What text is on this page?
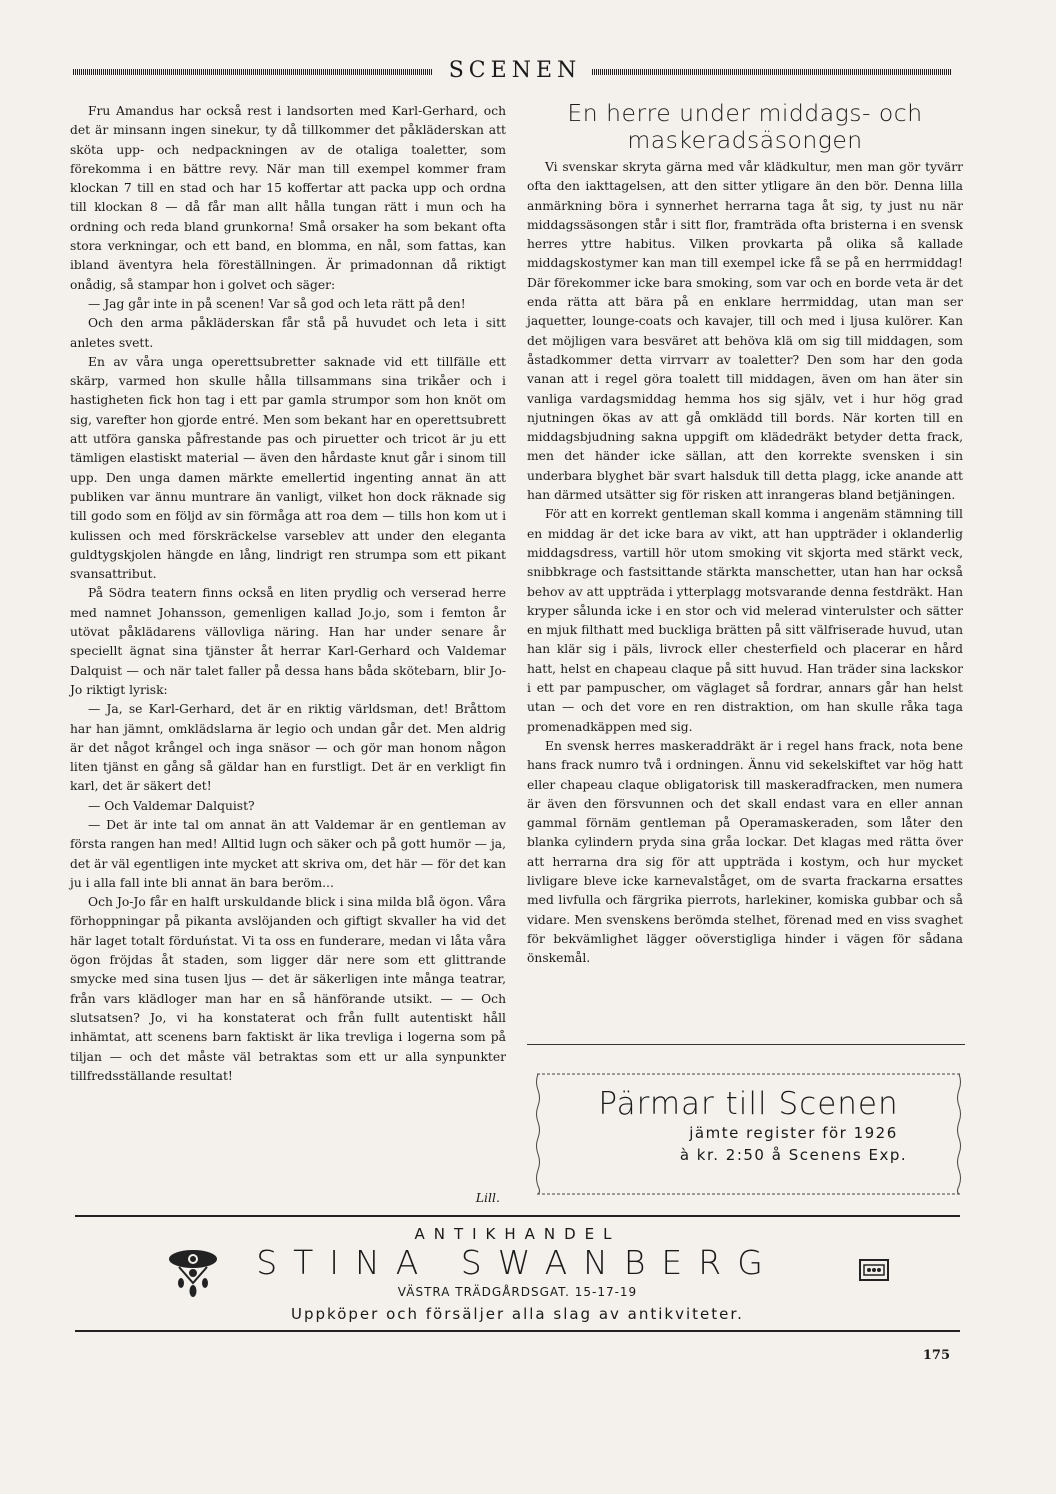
SCENEN

Fru Amandus har också rest i landsorten med Karl-Gerhard, och det är minsann ingen sinekur, ty då tillkommer det påkläderskan att sköta upp- och nedpackningen av de otaliga toaletter, som förekomma i en bättre revy. När man till exempel kommer fram klockan 7 till en stad och har 15 koffertar att packa upp och ordna till klockan 8 — då får man allt hålla tungan rätt i mun och ha ordning och reda bland grunkorna! Små orsaker ha som bekant ofta stora verkningar, och ett band, en blomma, en nål, som fattas, kan ibland äventyra hela föreställningen. Är primadonnan då riktigt onådig, så stampar hon i golvet och säger:

— Jag går inte in på scenen! Var så god och leta rätt på den!

Och den arma påkläderskan får stå på huvudet och leta i sitt anletes svett.

En av våra unga operettsubretter saknade vid ett tillfälle ett skärp, varmed hon skulle hålla tillsammans sina trikåer och i hastigheten fick hon tag i ett par gamla strumpor som hon knöt om sig, varefter hon gjorde entré. Men som bekant har en operettsubrett att utföra ganska påfrestande pas och piruetter och tricot är ju ett tämligen elastiskt material — även den hårdaste knut går i sinom till upp. Den unga damen märkte emellertid ingenting annat än att publiken var ännu muntrare än vanligt, vilket hon dock räknade sig till godo som en följd av sin förmåga att roa dem — tills hon kom ut i kulissen och med förskräckelse varseblev att under den eleganta guldtygskjolen hängde en lång, lindrigt ren strumpa som ett pikant svansattribut.

På Södra teatern finns också en liten prydlig och verserad herre med namnet Johansson, gemenligen kallad Jo.jo, som i femton år utövat påklädarens vällovliga näring. Han har under senare år speciellt ägnat sina tjänster åt herrar Karl-Gerhard och Valdemar Dalquist — och när talet faller på dessa hans båda skötebarn, blir Jo-Jo riktigt lyrisk:

— Ja, se Karl-Gerhard, det är en riktig världsman, det! Bråttom har han jämnt, omklädslarna är legio och undan går det. Men aldrig är det något krångel och inga snäsor — och gör man honom någon liten tjänst en gång så gäldar han en furstligt. Det är en verkligt fin karl, det är säkert det!

— Och Valdemar Dalquist?

— Det är inte tal om annat än att Valdemar är en gentleman av första rangen han med! Alltid lugn och säker och på gott humör — ja, det är väl egentligen inte mycket att skriva om, det här — för det kan ju i alla fall inte bli annat än bara beröm...

Och Jo-Jo får en halft urskuldande blick i sina milda blå ögon. Våra förhoppningar på pikanta avslöjanden och giftigt skvaller ha vid det här laget totalt förduństat. Vi ta oss en funderare, medan vi låta våra ögon fröjdas åt staden, som ligger där nere som ett glittrande smycke med sina tusen ljus — det är säkerligen inte många teatrar, från vars klädloger man har en så hänförande utsikt. — — Och slutsatsen? Jo, vi ha konstaterat och från fullt autentiskt håll inhämtat, att scenens barn faktiskt är lika trevliga i logerna som på tiljan — och det måste väl betraktas som ett ur alla synpunkter tillfredsställande resultat!

Lill.
En herre under middags- och
maskeradsäsongen

Vi svenskar skryta gärna med vår klädkultur, men man gör tyvärr ofta den iakttagelsen, att den sitter ytligare än den bör. Denna lilla anmärkning böra i synnerhet herrarna taga åt sig, ty just nu när middagssäsongen står i sitt flor, framträda ofta bristerna i en svensk herres yttre habitus. Vilken provkarta på olika så kallade middagskostymer kan man till exempel icke få se på en herrmiddag! Där förekommer icke bara smoking, som var och en borde veta är det enda rätta att bära på en enklare herrmiddag, utan man ser jaquetter, lounge-coats och kavajer, till och med i ljusa kulörer. Kan det möjligen vara besväret att behöva klä om sig till middagen, som åstadkommer detta virrvarr av toaletter? Den som har den goda vanan att i regel göra toalett till middagen, även om han äter sin vanliga vardagsmiddag hemma hos sig själv, vet i hur hög grad njutningen ökas av att gå omklädd till bords. När korten till en middagsbjudning sakna uppgift om klädedräkt betyder detta frack, men det händer icke sällan, att den korrekte svensken i sin underbara blyghet bär svart halsduk till detta plagg, icke anande att han därmed utsätter sig för risken att inrangeras bland betjäningen.

För att en korrekt gentleman skall komma i angenäm stämning till en middag är det icke bara av vikt, att han uppträder i oklanderlig middagsdress, vartill hör utom smoking vit skjorta med stärkt veck, snibbkrage och fastsittande stärkta manschetter, utan han har också behov av att uppträda i ytterplagg motsvarande denna festdräkt. Han kryper sålunda icke i en stor och vid melerad vinterulster och sätter en mjuk filthatt med buckliga brätten på sitt välfriserade huvud, utan han klär sig i päls, livrock eller chesterfield och placerar en hård hatt, helst en chapeau claque på sitt huvud. Han träder sina lackskor i ett par pampuscher, om väglaget så fordrar, annars går han helst utan — och det vore en ren distraktion, om han skulle råka taga promenadkäppen med sig.

En svensk herres maskeraddräkt är i regel hans frack, nota bene hans frack numro två i ordningen. Ännu vid sekelskiftet var hög hatt eller chapeau claque obligatorisk till maskeradfracken, men numera är även den försvunnen och det skall endast vara en eller annan gammal förnäm gentleman på Operamaskeraden, som låter den blanka cylindern pryda sina gråa lockar. Det klagas med rätta över att herrarna dra sig för att uppträda i kostym, och hur mycket livligare bleve icke karnevalståget, om de svarta frackarna ersattes med livfulla och färgrika pierrots, harlekiner, komiska gubbar och så vidare. Men svenskens berömda stelhet, förenad med en viss svaghet för bekvämlighet lägger oöverstigliga hinder i vägen för sådana önskemål.

Pärmar till Scenen
jämte register för 1926
à kr. 2:50 å Scenens Exp.
ANTIKHANDEL
STINA SWANBERG
VÄSTRA TRÄDGÅRDSGAT. 15-17-19
Uppköper och försäljer alla slag av antikviteter.
175
